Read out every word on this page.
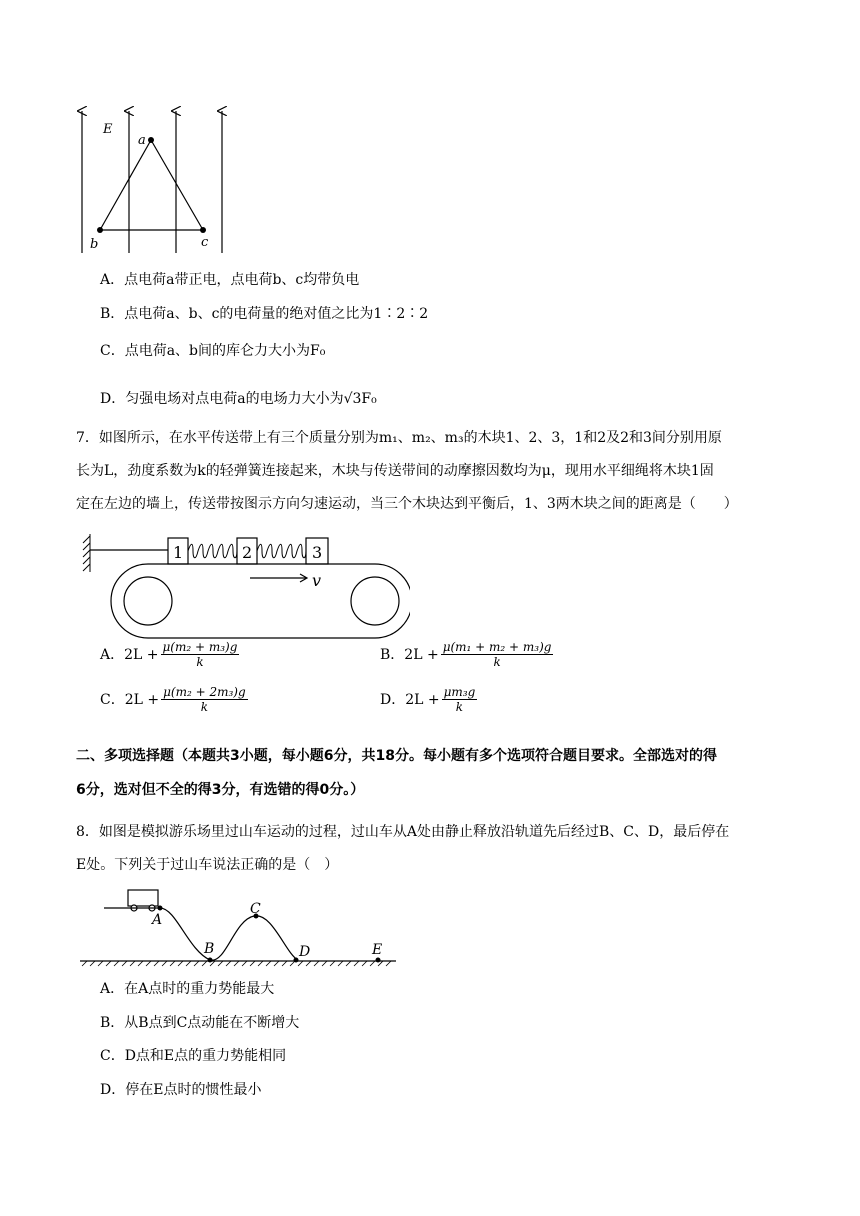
E
a
b	c
A．点电荷a带正电，点电荷b、c均带负电
B．点电荷a、b、c的电荷量的绝对值之比为1∶2∶2
C．点电荷a、b间的库仑力大小为F₀
D．匀强电场对点电荷a的电场力大小为√3F₀
7．如图所示，在水平传送带上有三个质量分别为m₁、m₂、m₃的木块1、2、3，1和2及2和3间分别用原
长为L，劲度系数为k的轻弹簧连接起来，木块与传送带间的动摩擦因数均为μ，现用水平细绳将木块1固
定在左边的墙上，传送带按图示方向匀速运动，当三个木块达到平衡后，1、3两木块之间的距离是（　　）
1	2	3
v
A．$2L + \frac{\text{μ(m₂ + m₃)g}}{k}$	B．$2L + \frac{\text{μ(m₁ + m₂ + m₃)g}}{k}$
C．$2L + \frac{\text{μ(m₂ + 2m₃)g}}{k}$	D．$2L + \frac{\text{μm₃g}}{k}$
二、多项选择题（本题共3小题，每小题6分，共18分。每小题有多个选项符合题目要求。全部选对的得
6分，选对但不全的得3分，有选错的得0分。）
8．如图是模拟游乐场里过山车运动的过程，过山车从A处由静止释放沿轨道先后经过B、C、D，最后停在
E处。下列关于过山车说法正确的是（　）
A
B
C
D	E
A．在A点时的重力势能最大
B．从B点到C点动能在不断增大
C．D点和E点的重力势能相同
D．停在E点时的惯性最小
